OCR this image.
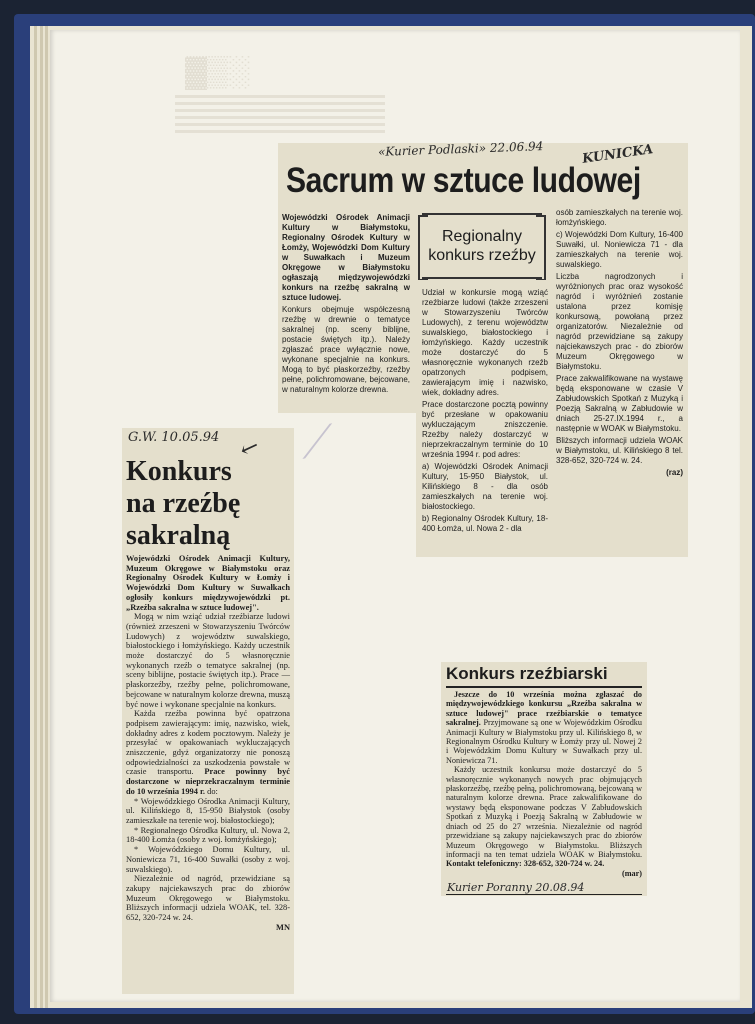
▓▒░
⟋
«Kurier Podlaski» 22.06.94	KUNICKA
Sacrum w sztuce ludowej

Wojewódzki Ośrodek Animacji Kultury w Białymstoku, Regionalny Ośrodek Kultury w Łomży, Wojewódzki Dom Kultury w Suwałkach i Muzeum Okręgowe w Białymstoku ogłaszają międzywojewódzki konkurs na rzeźbę sakralną w sztuce ludowej.

Konkurs obejmuje współczesną rzeźbę w drewnie o tematyce sakralnej (np. sceny biblijne, postacie świętych itp.). Należy zgłaszać prace wyłącznie nowe, wykonane specjalnie na konkurs. Mogą to być płaskorzeźby, rzeźby pełne, polichromowane, bejcowane, w naturalnym kolorze drewna.

Regionalny
konkurs rzeźby

Udział w konkursie mogą wziąć rzeźbiarze ludowi (także zrzeszeni w Stowarzyszeniu Twórców Ludowych), z terenu województw suwalskiego, białostockiego i łomżyńskiego. Każdy uczestnik może dostarczyć do 5 własnoręcznie wykonanych rzeźb opatrzonych podpisem, zawierającym imię i nazwisko, wiek, dokładny adres.

Prace dostarczone pocztą powinny być przesłane w opakowaniu wykluczającym zniszczenie. Rzeźby należy dostarczyć w nieprzekraczalnym terminie do 10 września 1994 r. pod adres:

a) Wojewódzki Ośrodek Animacji Kultury, 15-950 Białystok, ul. Kilińskiego 8 - dla osób zamieszkałych na terenie woj. białostockiego.

b) Regionalny Ośrodek Kultury, 18-400 Łomża, ul. Nowa 2 - dla

osób zamieszkałych na terenie woj. łomżyńskiego.

c) Wojewódzki Dom Kultury, 16-400 Suwałki, ul. Noniewicza 71 - dla zamieszkałych na terenie woj. suwalskiego.

Liczba nagrodzonych i wyróżnionych prac oraz wysokość nagród i wyróżnień zostanie ustalona przez komisję konkursową, powołaną przez organizatorów. Niezależnie od nagród przewidziane są zakupy najciekawszych prac - do zbiorów Muzeum Okręgowego w Białymstoku.

Prace zakwalifikowane na wystawę będą eksponowane w czasie V Zabłudowskich Spotkań z Muzyką i Poezją Sakralną w Zabłudowie w dniach 25-27.IX.1994 r., a następnie w WOAK w Białymstoku.

Bliższych informacji udziela WOAK w Białymstoku, ul. Kilińskiego 8 tel. 328-652, 320-724 w. 24.

(raz)

G.W. 10.05.94 ↙
Konkurs
na rzeźbę
sakralną

Wojewódzki Ośrodek Animacji Kultury, Muzeum Okręgowe w Białymstoku oraz Regionalny Ośrodek Kultury w Łomży i Wojewódzki Dom Kultury w Suwałkach ogłosiły konkurs międzywojewódzki pt. „Rzeźba sakralna w sztuce ludowej".

Mogą w nim wziąć udział rzeźbiarze ludowi (również zrzeszeni w Stowarzyszeniu Twórców Ludowych) z województw suwalskiego, białostockiego i łomżyńskiego. Każdy uczestnik może dostarczyć do 5 własnoręcznie wykonanych rzeźb o tematyce sakralnej (np. sceny biblijne, postacie świętych itp.). Prace — płaskorzeźby, rzeźby pełne, polichromowane, bejcowane w naturalnym kolorze drewna, muszą być nowe i wykonane specjalnie na konkurs.

Każda rzeźba powinna być opatrzona podpisem zawierającym: imię, nazwisko, wiek, dokładny adres z kodem pocztowym. Należy je przesyłać w opakowaniach wykluczających zniszczenie, gdyż organizatorzy nie ponoszą odpowiedzialności za uszkodzenia powstałe w czasie transportu. Prace powinny być dostarczone w nieprzekraczalnym terminie do 10 września 1994 r. do:

* Wojewódzkiego Ośrodka Animacji Kultury, ul. Kilińskiego 8, 15-950 Białystok (osoby zamieszkałe na terenie woj. białostockiego);

* Regionalnego Ośrodka Kultury, ul. Nowa 2, 18-400 Łomża (osoby z woj. łomżyńskiego);

* Wojewódzkiego Domu Kultury, ul. Noniewicza 71, 16-400 Suwałki (osoby z woj. suwalskiego).

Niezależnie od nagród, przewidziane są zakupy najciekawszych prac do zbiorów Muzeum Okręgowego w Białymstoku. Bliższych informacji udziela WOAK, tel. 328-652, 320-724 w. 24.

MN

Konkurs rzeźbiarski

Jeszcze do 10 września można zgłaszać do międzywojewódzkiego konkursu „Rzeźba sakralna w sztuce ludowej" prace rzeźbiarskie o tematyce sakralnej. Przyjmowane są one w Wojewódzkim Ośrodku Animacji Kultury w Białymstoku przy ul. Kilińskiego 8, w Regionalnym Ośrodku Kultury w Łomży przy ul. Nowej 2 i Wojewódzkim Domu Kultury w Suwałkach przy ul. Noniewicza 71.

Każdy uczestnik konkursu może dostarczyć do 5 własnoręcznie wykonanych nowych prac objmujących płaskorzeźbę, rzeźbę pełną, polichromowaną, bejcowaną w naturalnym kolorze drewna. Prace zakwalifikowane do wystawy będą eksponowane podczas V Zabłudowskich Spotkań z Muzyką i Poezją Sakralną w Zabłudowie w dniach od 25 do 27 września. Niezależnie od nagród przewidziane są zakupy najciekawszych prac do zbiorów Muzeum Okręgowego w Białymstoku. Bliższych informacji na ten temat udziela WOAK w Białymstoku. Kontakt telefoniczny: 328-652, 320-724 w. 24.

(mar)

Kurier Poranny 20.08.94
